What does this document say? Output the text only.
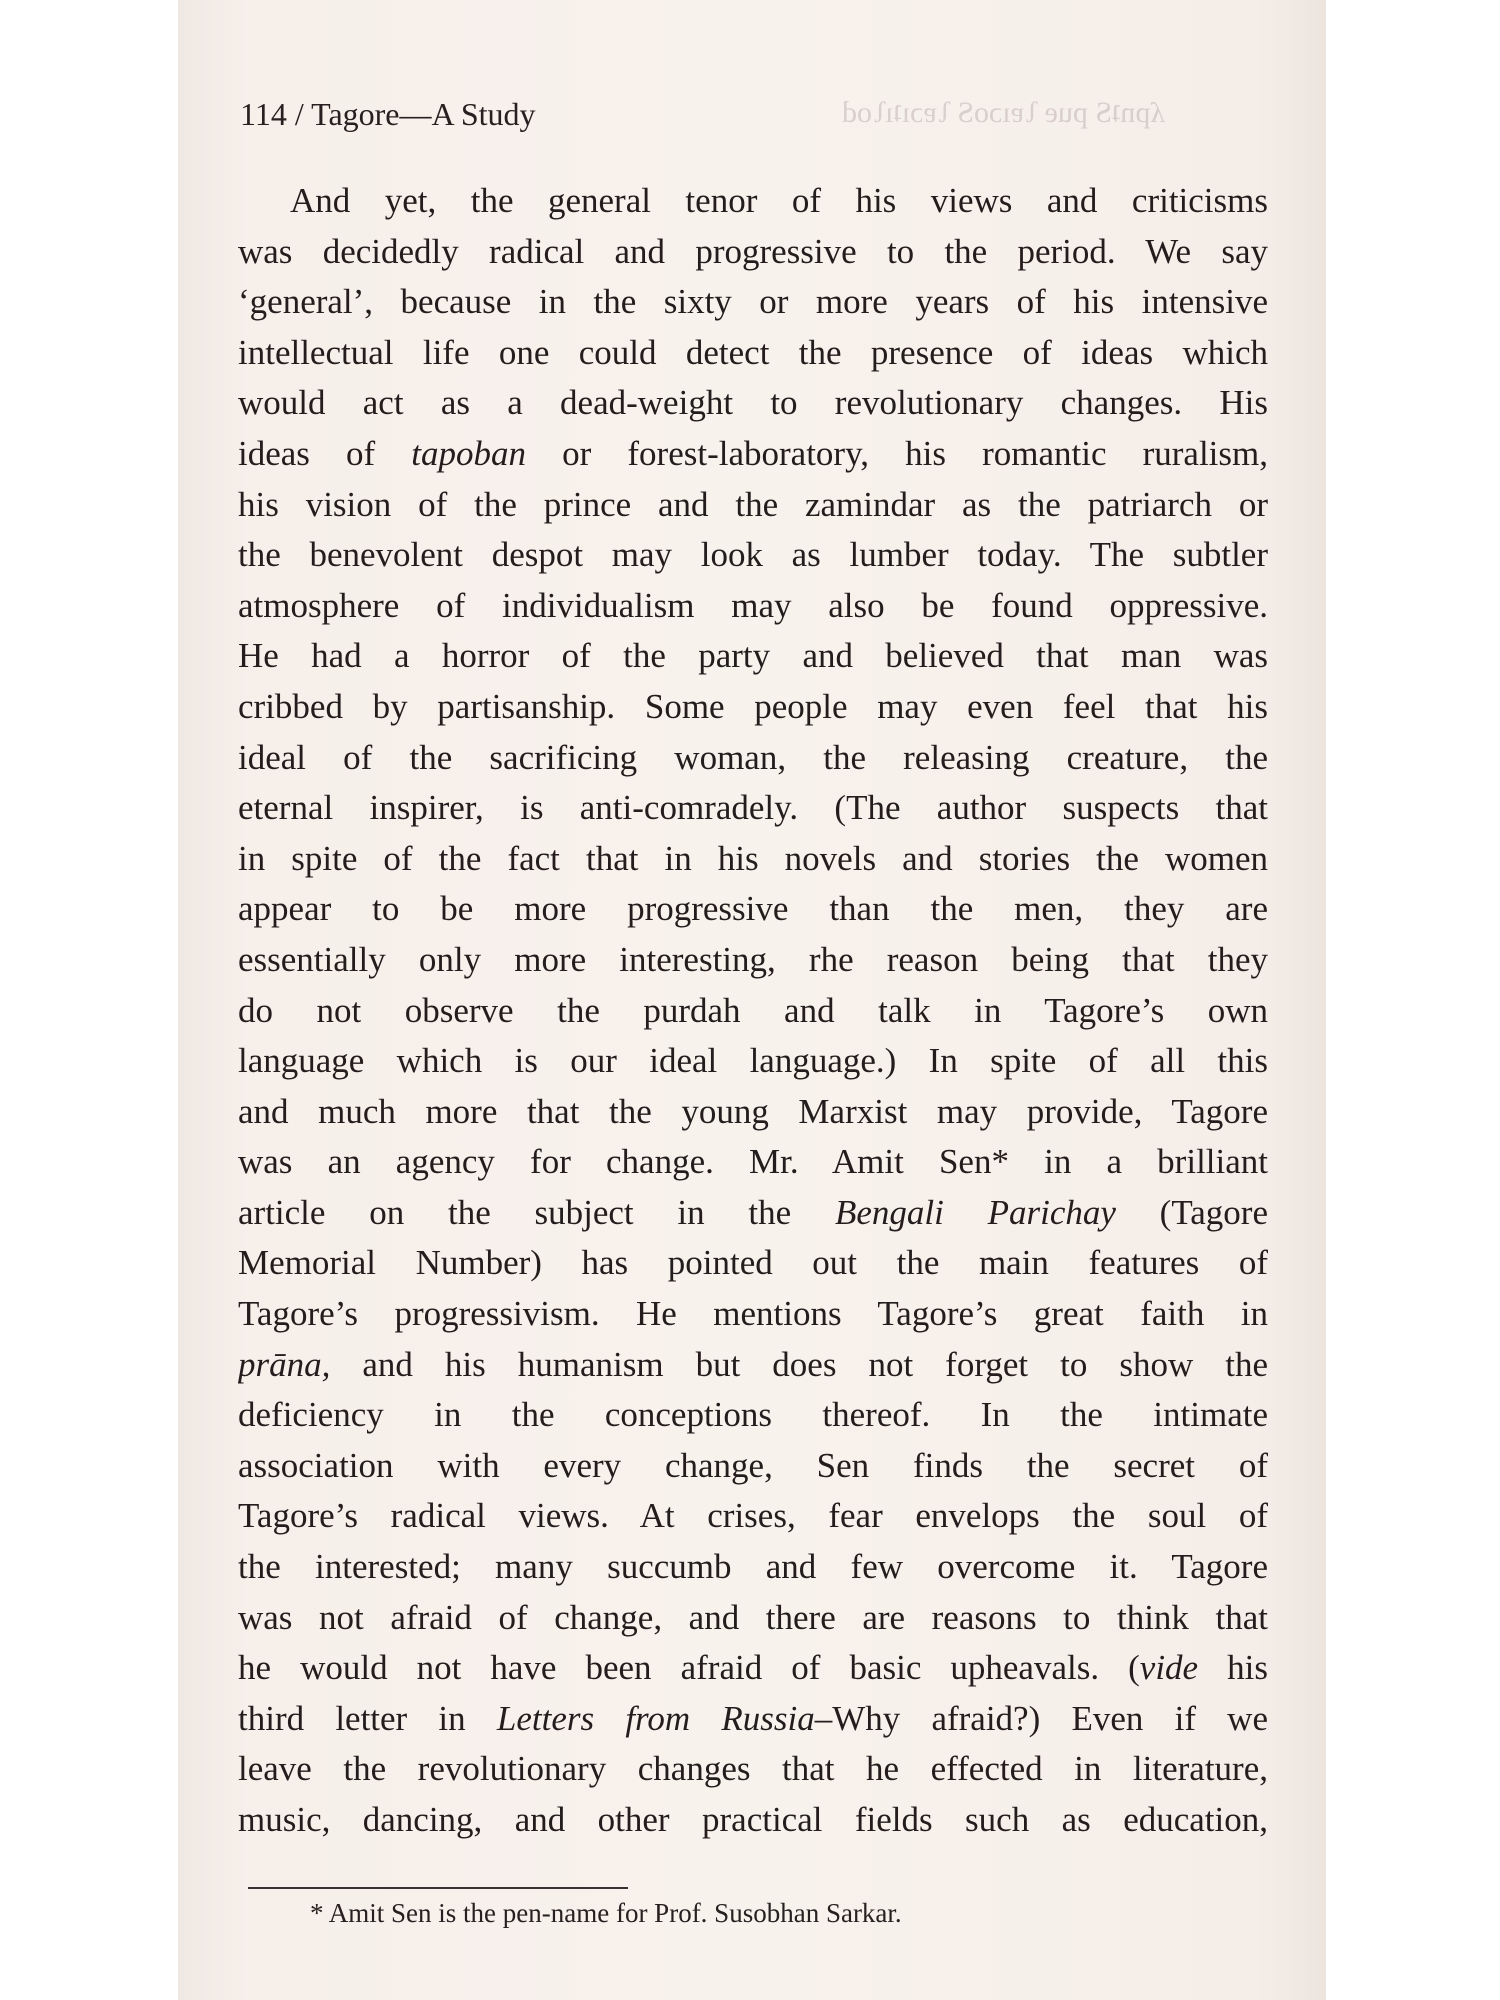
ʎpnʇS pue ʅɐıɔoS ʅɐɔıʇıʅod
114 / Tagore—A Study
And yet, the general tenor of his views and criticisms
was decidedly radical and progressive to the period. We say
‘general’, because in the sixty or more years of his intensive
intellectual life one could detect the presence of ideas which
would act as a dead-weight to revolutionary changes. His
ideas of tapoban or forest-laboratory, his romantic ruralism,
his vision of the prince and the zamindar as the patriarch or
the benevolent despot may look as lumber today. The subtler
atmosphere of individualism may also be found oppressive.
He had a horror of the party and believed that man was
cribbed by partisanship. Some people may even feel that his
ideal of the sacrificing woman, the releasing creature, the
eternal inspirer, is anti-comradely. (The author suspects that
in spite of the fact that in his novels and stories the women
appear to be more progressive than the men, they are
essentially only more interesting, rhe reason being that they
do not observe the purdah and talk in Tagore’s own
language which is our ideal language.) In spite of all this
and much more that the young Marxist may provide, Tagore
was an agency for change. Mr. Amit Sen* in a brilliant
article on the subject in the Bengali Parichay (Tagore
Memorial Number) has pointed out the main features of
Tagore’s progressivism. He mentions Tagore’s great faith in
prāna, and his humanism but does not forget to show the
deficiency in the conceptions thereof. In the intimate
association with every change, Sen finds the secret of
Tagore’s radical views. At crises, fear envelops the soul of
the interested; many succumb and few overcome it. Tagore
was not afraid of change, and there are reasons to think that
he would not have been afraid of basic upheavals. (vide his
third letter in Letters from Russia–Why afraid?) Even if we
leave the revolutionary changes that he effected in literature,
music, dancing, and other practical fields such as education,
* Amit Sen is the pen-name for Prof. Susobhan Sarkar.
